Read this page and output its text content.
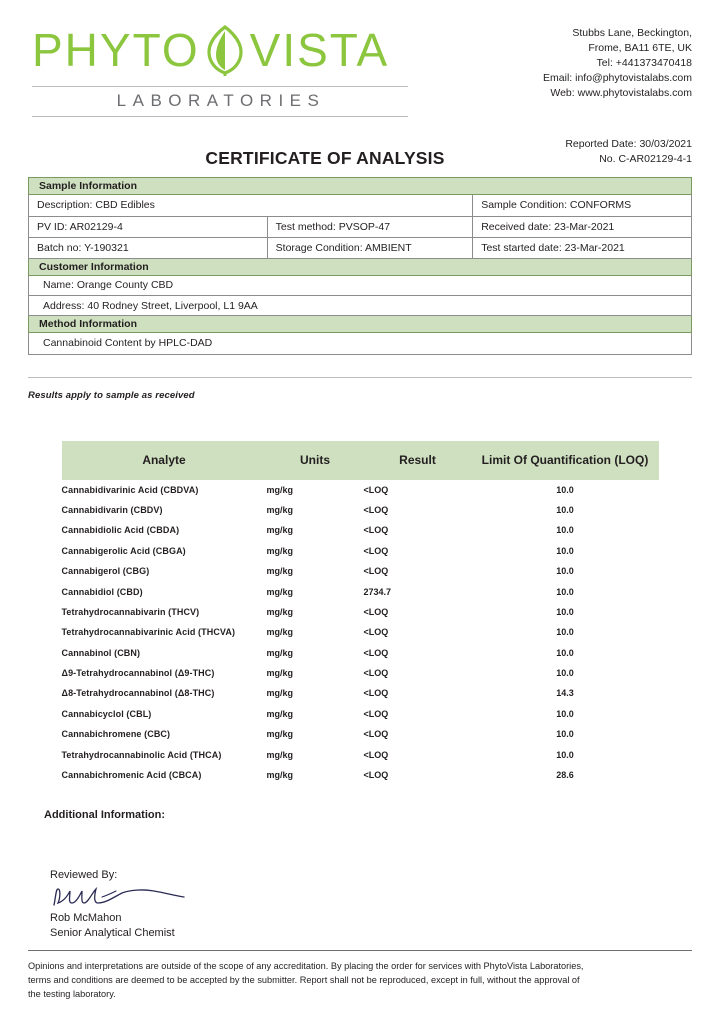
PHYTO VISTA
LABORATORIES
Stubbs Lane, Beckington,
Frome, BA11 6TE, UK
Tel: +441373470418
Email: info@phytovistalabs.com
Web: www.phytovistalabs.com
CERTIFICATE OF ANALYSIS
Reported Date: 30/03/2021
No. C-AR02129-4-1
Sample Information
Description: CBD Edibles		Sample Condition: CONFORMS
PV ID: AR02129-4	Test method: PVSOP-47	Received date: 23-Mar-2021
Batch no: Y-190321	Storage Condition: AMBIENT	Test started date: 23-Mar-2021
Customer Information
Name: Orange County CBD
Address: 40 Rodney Street, Liverpool, L1 9AA
Method Information
Cannabinoid Content by HPLC-DAD
Results apply to sample as received
Analyte	Units	Result	Limit Of Quantification (LOQ)
Cannabidivarinic Acid (CBDVA)	mg/kg	<LOQ	10.0
Cannabidivarin (CBDV)	mg/kg	<LOQ	10.0
Cannabidiolic Acid (CBDA)	mg/kg	<LOQ	10.0
Cannabigerolic Acid (CBGA)	mg/kg	<LOQ	10.0
Cannabigerol (CBG)	mg/kg	<LOQ	10.0
Cannabidiol (CBD)	mg/kg	2734.7	10.0
Tetrahydrocannabivarin (THCV)	mg/kg	<LOQ	10.0
Tetrahydrocannabivarinic Acid (THCVA)	mg/kg	<LOQ	10.0
Cannabinol (CBN)	mg/kg	<LOQ	10.0
Δ9-Tetrahydrocannabinol (Δ9-THC)	mg/kg	<LOQ	10.0
Δ8-Tetrahydrocannabinol (Δ8-THC)	mg/kg	<LOQ	14.3
Cannabicyclol (CBL)	mg/kg	<LOQ	10.0
Cannabichromene (CBC)	mg/kg	<LOQ	10.0
Tetrahydrocannabinolic Acid (THCA)	mg/kg	<LOQ	10.0
Cannabichromenic Acid (CBCA)	mg/kg	<LOQ	28.6
Additional Information:
Reviewed By:
Rob McMahon
Senior Analytical Chemist
Opinions and interpretations are outside of the scope of any accreditation. By placing the order for services with PhytoVista Laboratories,
terms and conditions are deemed to be accepted by the submitter. Report shall not be reproduced, except in full, without the approval of
the testing laboratory.
